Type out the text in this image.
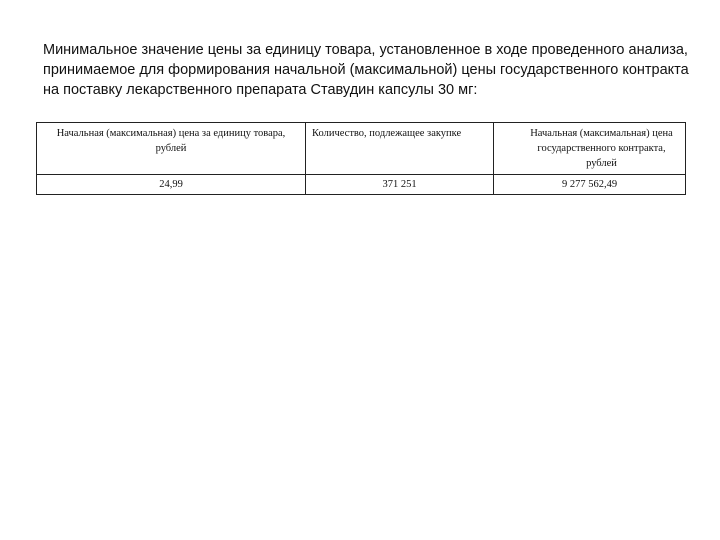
Минимальное значение цены за единицу товара, установленное в ходе проведенного анализа,
принимаемое для формирования начальной (максимальной) цены государственного контракта
на поставку лекарственного препарата Ставудин капсулы 30 мг:
Начальная (максимальная) цена за единицу товара, рублей	Количество, подлежащее закупке	Начальная (максимальная) цена государственного контракта, рублей
24,99	371 251	9 277 562,49
